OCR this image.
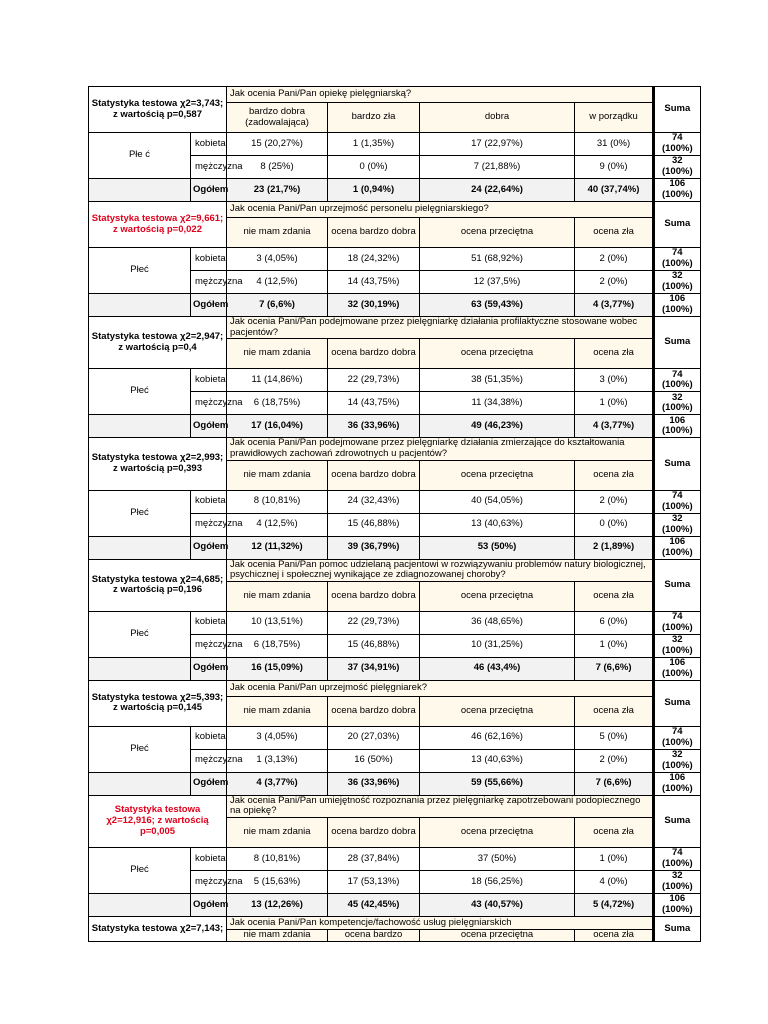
Statystyka testowa χ2=3,743; z wartością p=0,587		Jak ocenia Pani/Pan opiekę pielęgniarską?				Suma
		bardzo dobra (zadowalająca)	bardzo zła	dobra	w porządku	
Płe ć	kobieta	15 (20,27%)	1 (1,35%)	17 (22,97%)	31 (0%)		74 (100%)
	mężczyzna	8 (25%)	0 (0%)	7 (21,88%)	9 (0%)		32 (100%)
	Ogółem	23 (21,7%)	1 (0,94%)	24 (22,64%)	40 (37,74%)		106 (100%)
Statystyka testowa χ2=9,661; z wartością p=0,022		Jak ocenia Pani/Pan uprzejmość personelu pielęgniarskiego?				Suma
		nie mam zdania	ocena bardzo dobra	ocena przeciętna	ocena zła	
Płeć	kobieta	3 (4,05%)	18 (24,32%)	51 (68,92%)	2 (0%)		74 (100%)
	mężczyzna	4 (12,5%)	14 (43,75%)	12 (37,5%)	2 (0%)		32 (100%)
	Ogółem	7 (6,6%)	32 (30,19%)	63 (59,43%)	4 (3,77%)		106 (100%)
Statystyka testowa χ2=2,947; z wartością p=0,4		Jak ocenia Pani/Pan podejmowane przez pielęgniarkę działania profilaktyczne stosowane wobec pacjentów?				Suma
		nie mam zdania	ocena bardzo dobra	ocena przeciętna	ocena zła	
Płeć	kobieta	11 (14,86%)	22 (29,73%)	38 (51,35%)	3 (0%)		74 (100%)
	mężczyzna	6 (18,75%)	14 (43,75%)	11 (34,38%)	1 (0%)		32 (100%)
	Ogółem	17 (16,04%)	36 (33,96%)	49 (46,23%)	4 (3,77%)		106 (100%)
Statystyka testowa χ2=2,993; z wartością p=0,393		Jak ocenia Pani/Pan podejmowane przez pielęgniarkę działania zmierzające do kształtowania prawidłowych zachowań zdrowotnych u pacjentów?				Suma
		nie mam zdania	ocena bardzo dobra	ocena przeciętna	ocena zła	
Płeć	kobieta	8 (10,81%)	24 (32,43%)	40 (54,05%)	2 (0%)		74 (100%)
	mężczyzna	4 (12,5%)	15 (46,88%)	13 (40,63%)	0 (0%)		32 (100%)
	Ogółem	12 (11,32%)	39 (36,79%)	53 (50%)	2 (1,89%)		106 (100%)
Statystyka testowa χ2=4,685; z wartością p=0,196		Jak ocenia Pani/Pan pomoc udzielaną pacjentowi w rozwiązywaniu problemów natury biologicznej, psychicznej i społecznej wynikające ze zdiagnozowanej choroby?				Suma
		nie mam zdania	ocena bardzo dobra	ocena przeciętna	ocena zła	
Płeć	kobieta	10 (13,51%)	22 (29,73%)	36 (48,65%)	6 (0%)		74 (100%)
	mężczyzna	6 (18,75%)	15 (46,88%)	10 (31,25%)	1 (0%)		32 (100%)
	Ogółem	16 (15,09%)	37 (34,91%)	46 (43,4%)	7 (6,6%)		106 (100%)
Statystyka testowa χ2=5,393; z wartością p=0,145		Jak ocenia Pani/Pan uprzejmość pielęgniarek?				Suma
		nie mam zdania	ocena bardzo dobra	ocena przeciętna	ocena zła	
Płeć	kobieta	3 (4,05%)	20 (27,03%)	46 (62,16%)	5 (0%)		74 (100%)
	mężczyzna	1 (3,13%)	16 (50%)	13 (40,63%)	2 (0%)		32 (100%)
	Ogółem	4 (3,77%)	36 (33,96%)	59 (55,66%)	7 (6,6%)		106 (100%)
Statystyka testowa χ2=12,916; z wartością p=0,005		Jak ocenia Pani/Pan umiejętność rozpoznania przez pielęgniarkę zapotrzebowani podopiecznego na opiekę?				Suma
		nie mam zdania	ocena bardzo dobra	ocena przeciętna	ocena zła	
Płeć	kobieta	8 (10,81%)	28 (37,84%)	37 (50%)	1 (0%)		74 (100%)
	mężczyzna	5 (15,63%)	17 (53,13%)	18 (56,25%)	4 (0%)		32 (100%)
	Ogółem	13 (12,26%)	45 (42,45%)	43 (40,57%)	5 (4,72%)		106 (100%)
Statystyka testowa χ2=7,143;		Jak ocenia Pani/Pan kompetencje/fachowość usług pielęgniarskich				Suma
		nie mam zdania	ocena bardzo	ocena przeciętna	ocena zła	
